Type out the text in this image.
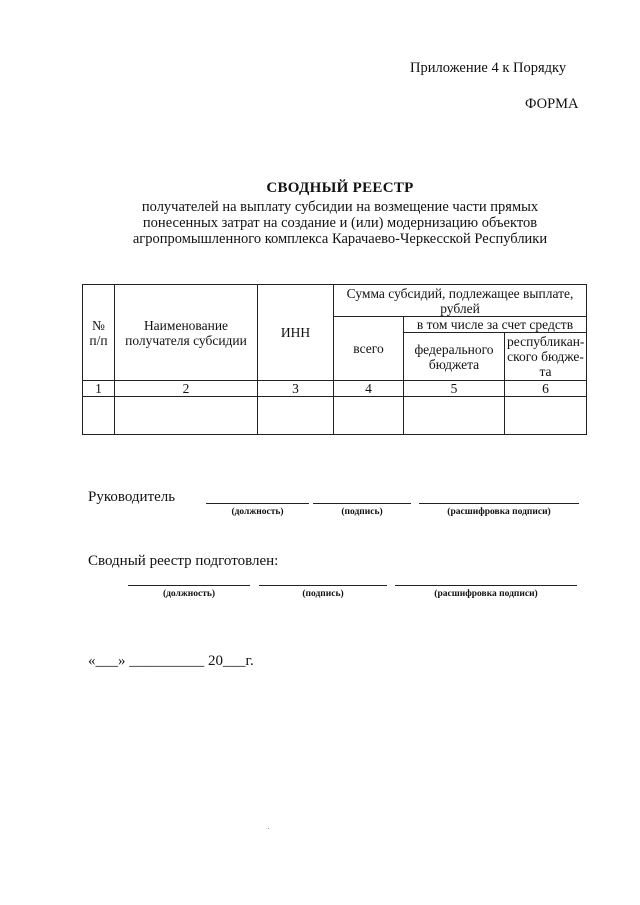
Приложение 4 к Порядку
ФОРМА
СВОДНЫЙ РЕЕСТР
получателей на выплату субсидии на возмещение части прямых
понесенных затрат на создание и (или) модернизацию объектов
агропромышленного комплекса Карачаево-Черкесской Республики
№ п/п	Наименование получателя субсидии	ИНН	Сумма субсидий, подлежащее выплате, рублей		
			всего	в том числе за счет средств	
				федерального бюджета	республикан-ского бюдже-та
1	2	3	4	5	6

Руководитель
(должность)	(подпись)	(расшифровка подписи)
Сводный реестр подготовлен:
(должность)	(подпись)	(расшифровка подписи)
«___» __________ 20___г.
